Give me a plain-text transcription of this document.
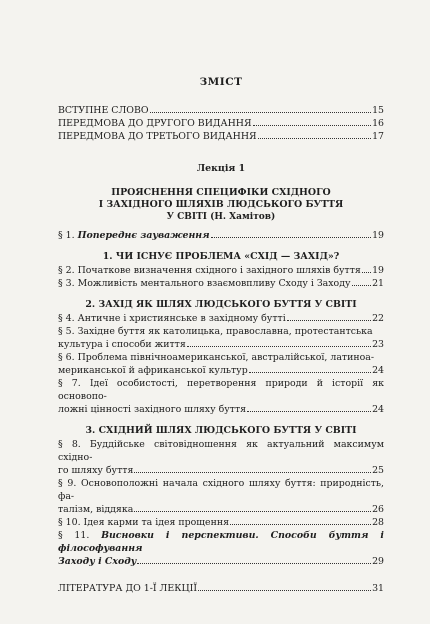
ЗМІСТ
ВСТУПНЕ СЛОВО	15
ПЕРЕДМОВА ДО ДРУГОГО ВИДАННЯ	16
ПЕРЕДМОВА ДО ТРЕТЬОГО ВИДАННЯ	17
Лекція 1
ПРОЯСНЕННЯ СПЕЦИФІКИ СХІДНОГО
І ЗАХІДНОГО ШЛЯХІВ ЛЮДСЬКОГО БУТТЯ
У СВІТІ (Н. Хамітов)
§ 1. Попереднє зауваження	19
1. ЧИ ІСНУЄ ПРОБЛЕМА «СХІД — ЗАХІД»?
§ 2. Початкове визначення східного і західного шляхів буття 19
§ 3. Можливість ментального взаємовпливу Сходу і Заходу 21
2. ЗАХІД ЯК ШЛЯХ ЛЮДСЬКОГО БУТТЯ У СВІТІ
§ 4. Античне і християнське в західному бутті	22
§ 5. Західне буття як католицька, православна, протестантська
культура і способи життя	23
§ 6. Проблема північноамериканської, австралійської, латиноа-
мериканської й африканської культур	24
§ 7. Ідеї особистості, перетворення природи й історії як основопо-
ложні цінності західного шляху буття	24
3. СХІДНИЙ ШЛЯХ ЛЮДСЬКОГО БУТТЯ У СВІТІ
§ 8. Буддійське світовідношення як актуальний максимум східно-
го шляху буття	25
§ 9. Основоположні начала східного шляху буття: природність, фа-
талізм, віддяка	26
§ 10. Ідея карми та ідея прощення	28
§ 11. Висновки і перспективи. Способи буття і філософування
Заходу і Сходу	29
ЛІТЕРАТУРА ДО 1-Ї ЛЕКЦІЇ	31
